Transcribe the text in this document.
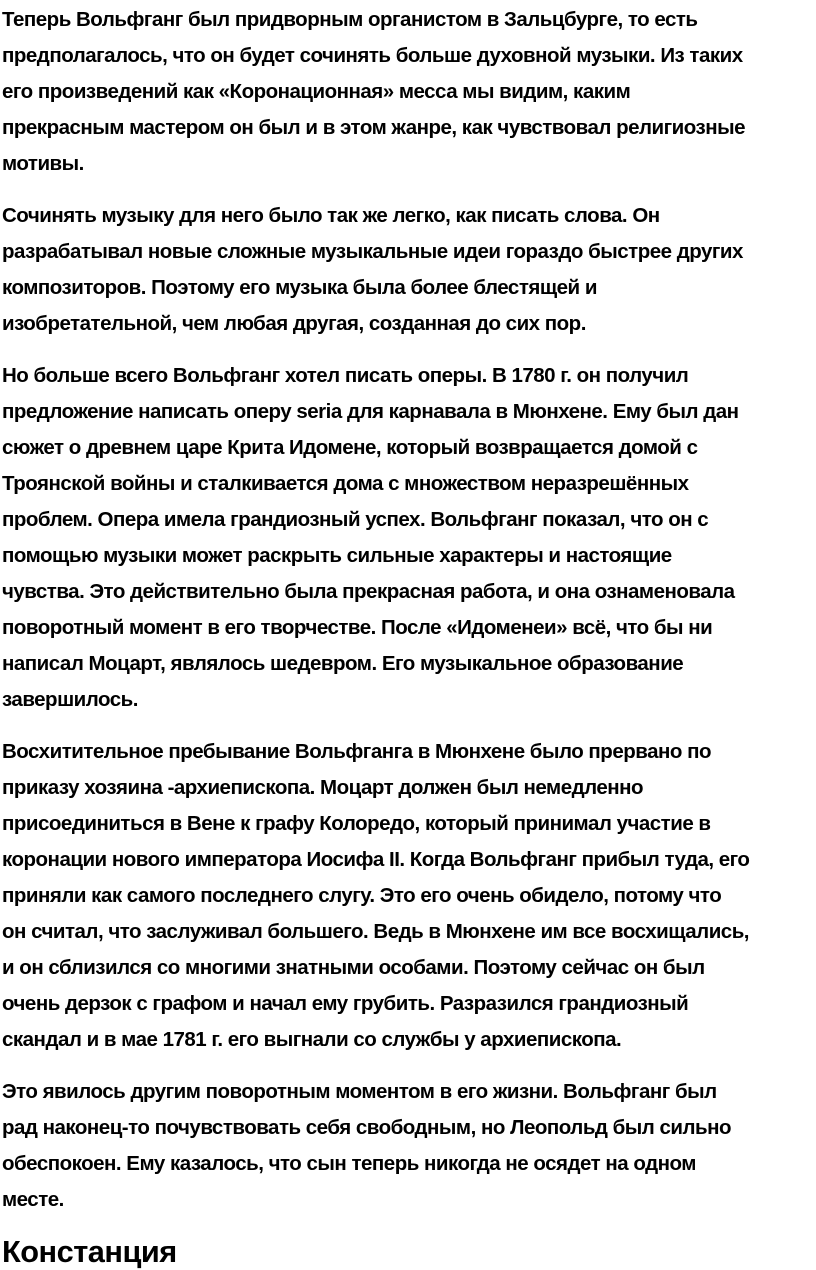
Теперь Вольфганг был придворным органистом в Зальцбурге, то есть
предполагалось, что он будет сочинять больше духовной музыки. Из таких
его произведений как «Коронационная» месса мы видим, каким
прекрасным мастером он был и в этом жанре, как чувствовал религиозные
мотивы.

Сочинять музыку для него было так же легко, как писать слова. Он
разрабатывал новые сложные музыкальные идеи гораздо быстрее других
композиторов. Поэтому его музыка была более блестящей и
изобретательной, чем любая другая, созданная до сих пор.

Но больше всего Вольфганг хотел писать оперы. В 1780 г. он получил
предложение написать оперу seria для карнавала в Мюнхене. Ему был дан
сюжет о древнем царе Крита Идомене, который возвращается домой с
Троянской войны и сталкивается дома с множеством неразрешённых
проблем. Опера имела грандиозный успех. Вольфганг показал, что он с
помощью музыки может раскрыть сильные характеры и настоящие
чувства. Это действительно была прекрасная работа, и она ознаменовала
поворотный момент в его творчестве. После «Идоменеи» всё, что бы ни
написал Моцарт, являлось шедевром. Его музыкальное образование
завершилось.

Восхитительное пребывание Вольфганга в Мюнхене было прервано по
приказу хозяина -архиепископа. Моцарт должен был немедленно
присоединиться в Вене к графу Колоредо, который принимал участие в
коронации нового императора Иосифа II. Когда Вольфганг прибыл туда, его
приняли как самого последнего слугу. Это его очень обидело, потому что
он считал, что заслуживал большего. Ведь в Мюнхене им все восхищались,
и он сблизился со многими знатными особами. Поэтому сейчас он был
очень дерзок с графом и начал ему грубить. Разразился грандиозный
скандал и в мае 1781 г. его выгнали со службы у архиепископа.

Это явилось другим поворотным моментом в его жизни. Вольфганг был
рад наконец-то почувствовать себя свободным, но Леопольд был сильно
обеспокоен. Ему казалось, что сын теперь никогда не осядет на одном
месте.

Констанция
